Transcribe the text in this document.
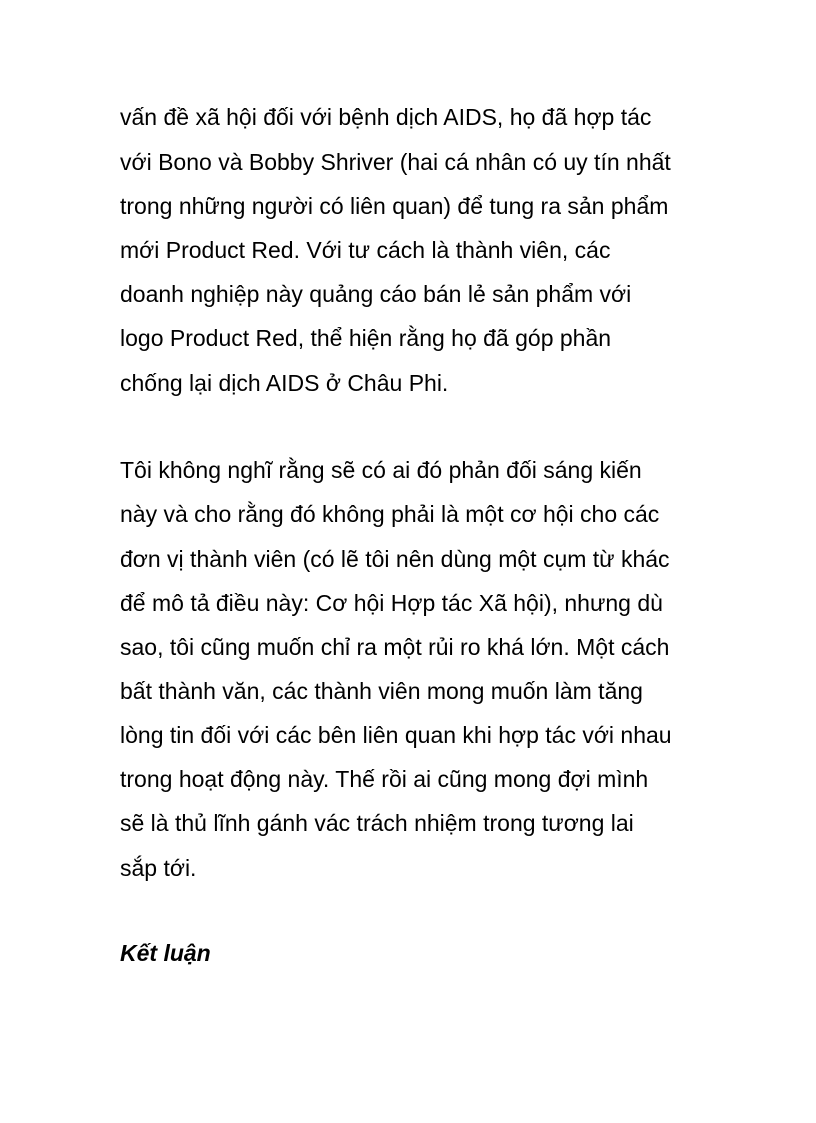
vấn đề xã hội đối với bệnh dịch AIDS, họ đã hợp tác

với Bono và Bobby Shriver (hai cá nhân có uy tín nhất

trong những người có liên quan) để tung ra sản phẩm

mới Product Red. Với tư cách là thành viên, các

doanh nghiệp này quảng cáo bán lẻ sản phẩm với

logo Product Red, thể hiện rằng họ đã góp phần

chống lại dịch AIDS ở Châu Phi.

Tôi không nghĩ rằng sẽ có ai đó phản đối sáng kiến

này và cho rằng đó không phải là một cơ hội cho các

đơn vị thành viên (có lẽ tôi nên dùng một cụm từ khác

để mô tả điều này: Cơ hội Hợp tác Xã hội), nhưng dù

sao, tôi cũng muốn chỉ ra một rủi ro khá lớn. Một cách

bất thành văn, các thành viên mong muốn làm tăng

lòng tin đối với các bên liên quan khi hợp tác với nhau

trong hoạt động này. Thế rồi ai cũng mong đợi mình

sẽ là thủ lĩnh gánh vác trách nhiệm trong tương lai

sắp tới.

Kết luận
